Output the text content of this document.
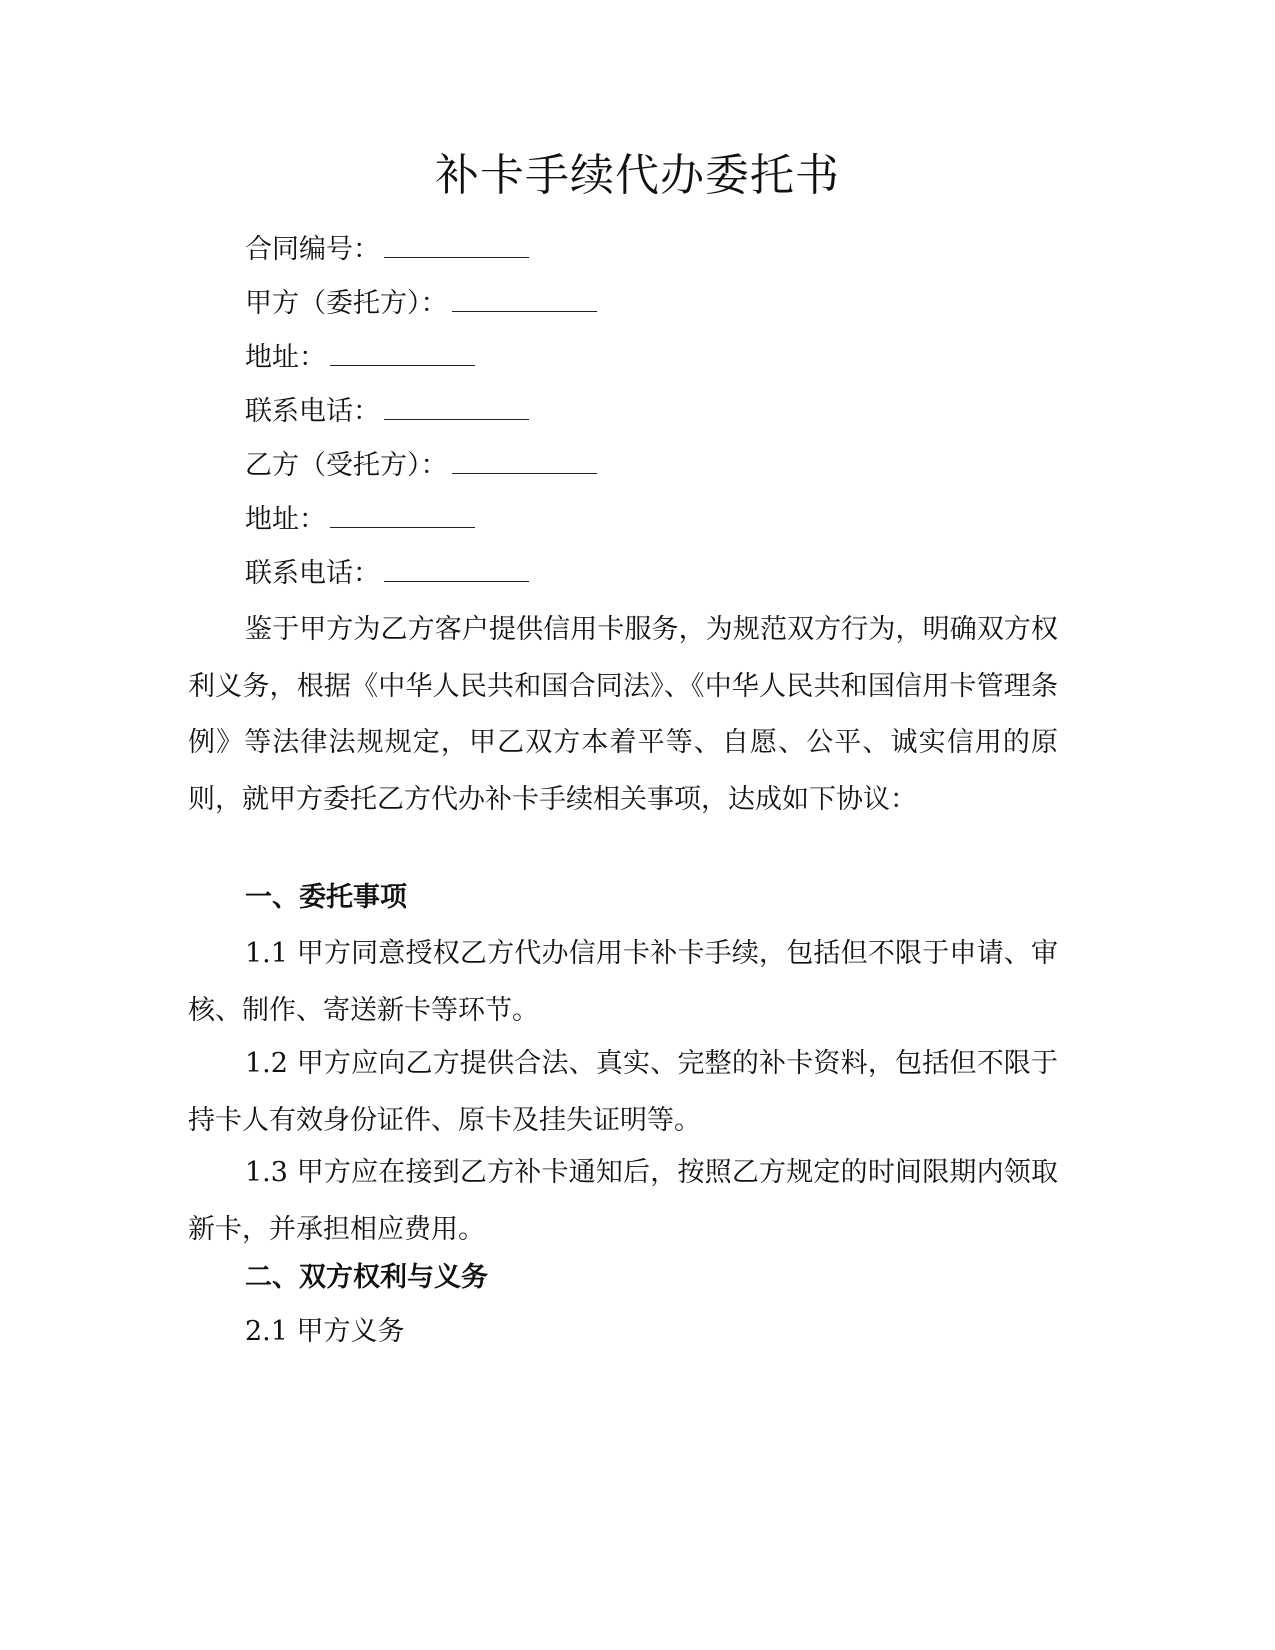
补卡手续代办委托书
合同编号：
甲方（委托方）：
地址：
联系电话：
乙方（受托方）：
地址：
联系电话：

鉴于甲方为乙方客户提供信用卡服务，为规范双方行为，明确双方权利义务，根据《中华人民共和国合同法》、《中华人民共和国信用卡管理条例》等法律法规规定，甲乙双方本着平等、自愿、公平、诚实信用的原则，就甲方委托乙方代办补卡手续相关事项，达成如下协议：

一、委托事项

1.1 甲方同意授权乙方代办信用卡补卡手续，包括但不限于申请、审核、制作、寄送新卡等环节。

1.2 甲方应向乙方提供合法、真实、完整的补卡资料，包括但不限于持卡人有效身份证件、原卡及挂失证明等。

1.3 甲方应在接到乙方补卡通知后，按照乙方规定的时间限期内领取新卡，并承担相应费用。

二、双方权利与义务

2.1 甲方义务
